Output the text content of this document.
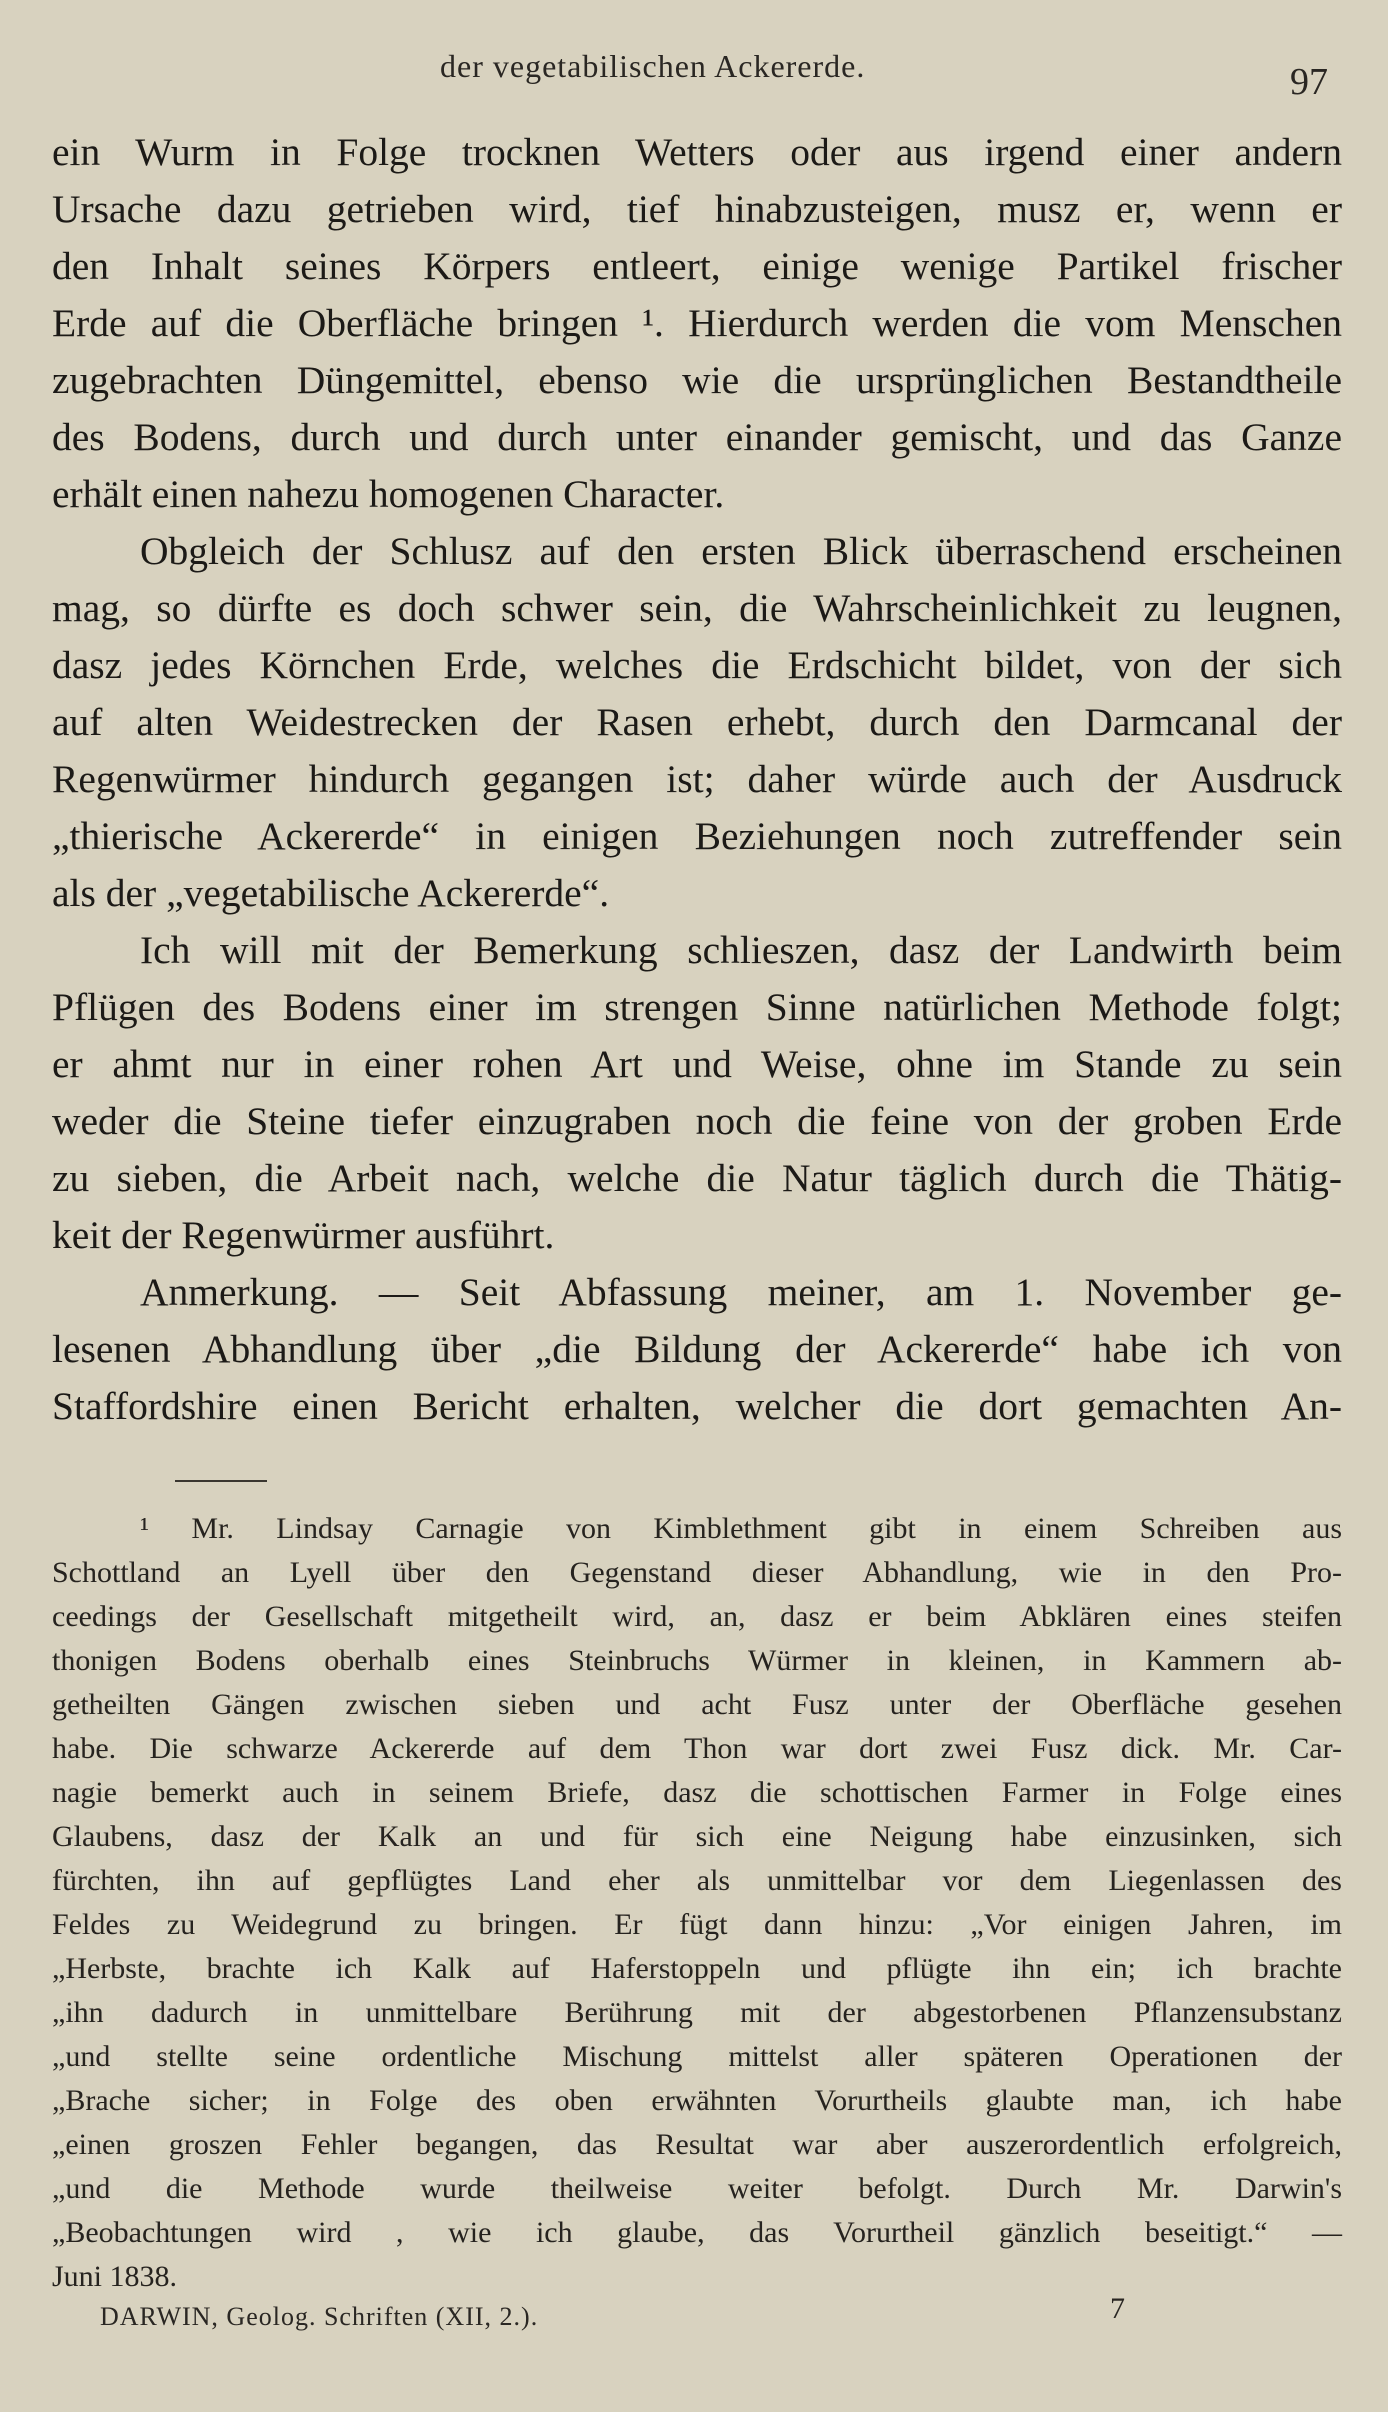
der vegetabilischen Ackererde.	97
ein Wurm in Folge trocknen Wetters oder aus irgend einer andern
Ursache dazu getrieben wird, tief hinabzusteigen, musz er, wenn er
den Inhalt seines Körpers entleert, einige wenige Partikel frischer
Erde auf die Oberfläche bringen ¹. Hierdurch werden die vom Menschen
zugebrachten Düngemittel, ebenso wie die ursprünglichen Bestandtheile
des Bodens, durch und durch unter einander gemischt, und das Ganze
erhält einen nahezu homogenen Character.
Obgleich der Schlusz auf den ersten Blick überraschend erscheinen
mag, so dürfte es doch schwer sein, die Wahrscheinlichkeit zu leugnen,
dasz jedes Körnchen Erde, welches die Erdschicht bildet, von der sich
auf alten Weidestrecken der Rasen erhebt, durch den Darmcanal der
Regenwürmer hindurch gegangen ist; daher würde auch der Ausdruck
„thierische Ackererde“ in einigen Beziehungen noch zutreffender sein
als der „vegetabilische Ackererde“.
Ich will mit der Bemerkung schlieszen, dasz der Landwirth beim
Pflügen des Bodens einer im strengen Sinne natürlichen Methode folgt;
er ahmt nur in einer rohen Art und Weise, ohne im Stande zu sein
weder die Steine tiefer einzugraben noch die feine von der groben Erde
zu sieben, die Arbeit nach, welche die Natur täglich durch die Thätig-
keit der Regenwürmer ausführt.
Anmerkung. — Seit Abfassung meiner, am 1. November ge-
lesenen Abhandlung über „die Bildung der Ackererde“ habe ich von
Staffordshire einen Bericht erhalten, welcher die dort gemachten An-
¹ Mr. Lindsay Carnagie von Kimblethment gibt in einem Schreiben aus
Schottland an Lyell über den Gegenstand dieser Abhandlung, wie in den Pro-
ceedings der Gesellschaft mitgetheilt wird, an, dasz er beim Abklären eines steifen
thonigen Bodens oberhalb eines Steinbruchs Würmer in kleinen, in Kammern ab-
getheilten Gängen zwischen sieben und acht Fusz unter der Oberfläche gesehen
habe. Die schwarze Ackererde auf dem Thon war dort zwei Fusz dick. Mr. Car-
nagie bemerkt auch in seinem Briefe, dasz die schottischen Farmer in Folge eines
Glaubens, dasz der Kalk an und für sich eine Neigung habe einzusinken, sich
fürchten, ihn auf gepflügtes Land eher als unmittelbar vor dem Liegenlassen des
Feldes zu Weidegrund zu bringen. Er fügt dann hinzu: „Vor einigen Jahren, im
„Herbste, brachte ich Kalk auf Haferstoppeln und pflügte ihn ein; ich brachte
„ihn dadurch in unmittelbare Berührung mit der abgestorbenen Pflanzensubstanz
„und stellte seine ordentliche Mischung mittelst aller späteren Operationen der
„Brache sicher; in Folge des oben erwähnten Vorurtheils glaubte man, ich habe
„einen groszen Fehler begangen, das Resultat war aber auszerordentlich erfolgreich,
„und die Methode wurde theilweise weiter befolgt. Durch Mr. Darwin's
„Beobachtungen wird , wie ich glaube, das Vorurtheil gänzlich beseitigt.“ —
Juni 1838.
DARWIN, Geolog. Schriften (XII, 2.).	7
